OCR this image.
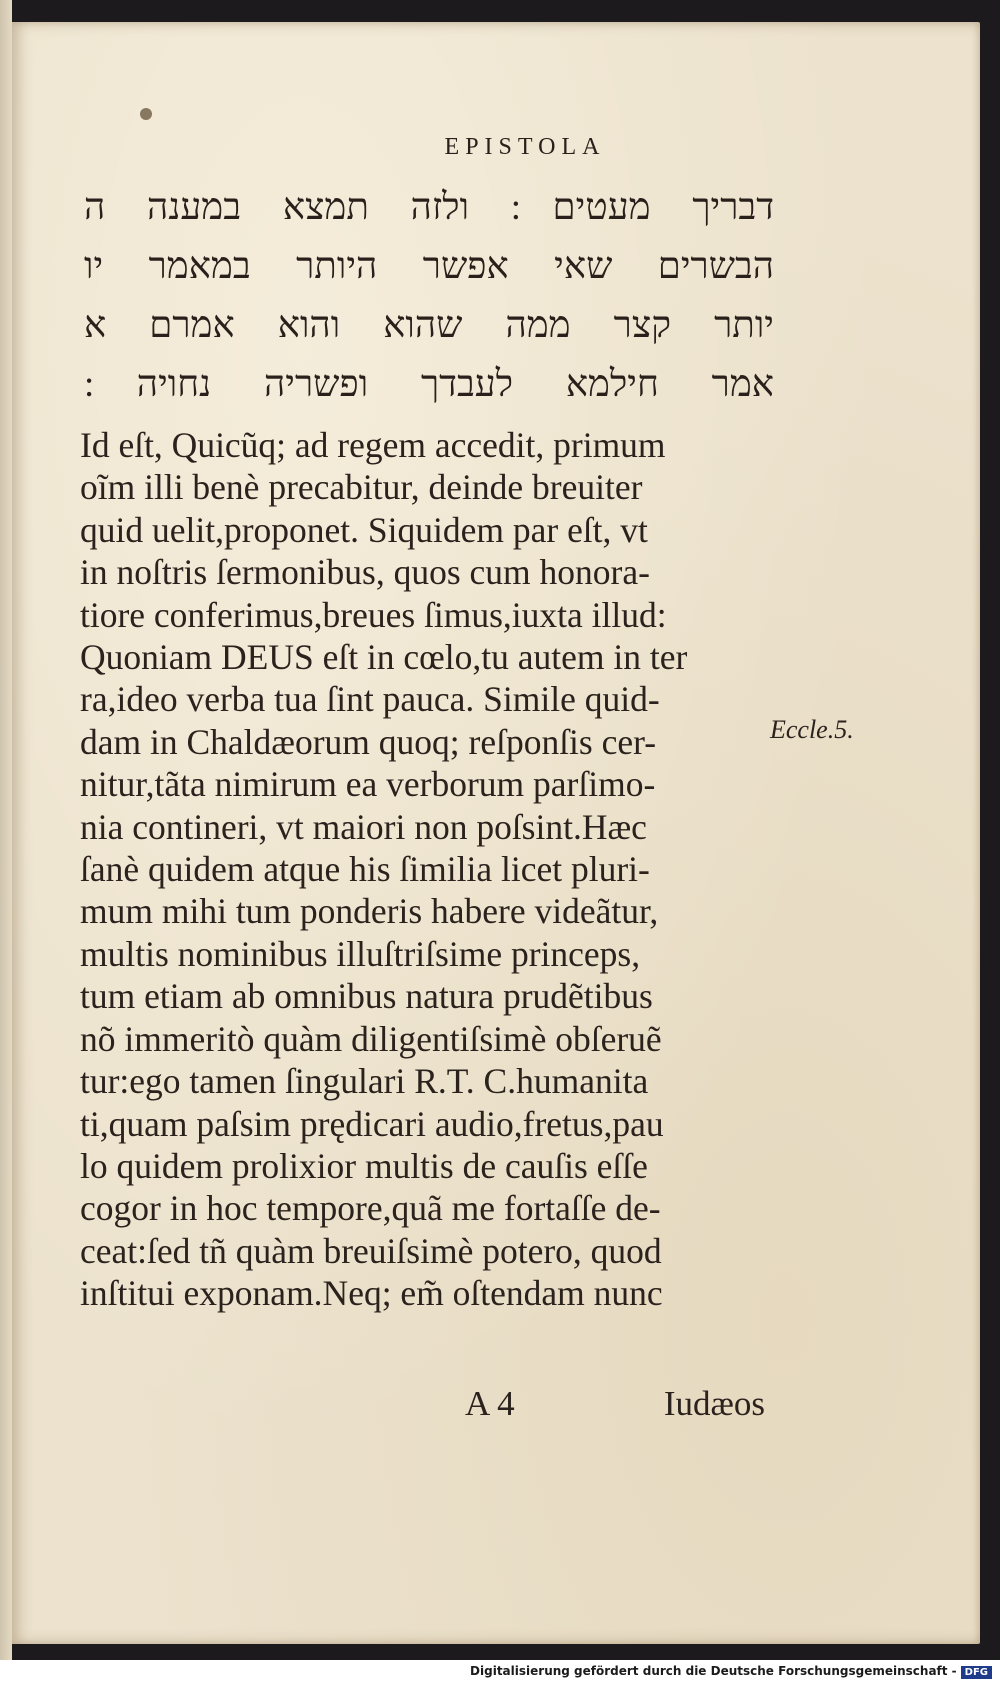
EPISTOLA
דבריך מעטים ׃ ולזה תמצא במענה ה
הבשרים שאי אפשר היותר במאמר יו
יותר קצר ממה שהוא והוא אמרם א
אמר חילמא לעבדך ופשריה נחויה ׃
Id eſt, Quicũq; ad regem accedit, primum
oĩm illi benè precabitur, deinde breuiter
quid uelit,proponet. Siquidem par eſt, vt
in noſtris ſermonibus, quos cum honora-
tiore conferimus,breues ſimus,iuxta illud:
Quoniam DEUS eſt in cœlo,tu autem in ter
ra,ideo verba tua ſint pauca. Simile quid-
dam in Chaldæorum quoq; reſponſis cer-
nitur,tãta nimirum ea verborum parſimo-
nia contineri, vt maiori non poſsint.Hæc
ſanè quidem atque his ſimilia licet pluri-
mum mihi tum ponderis habere videãtur,
multis nominibus illuſtriſsime princeps,
tum etiam ab omnibus natura prudẽtibus
nõ immeritò quàm diligentiſsimè obſeruẽ
tur:ego tamen ſingulari R.T. C.humanita
ti,quam paſsim prędicari audio,fretus,pau
lo quidem prolixior multis de cauſis eſſe
cogor in hoc tempore,quã me fortaſſe de-
ceat:ſed tñ quàm breuiſsimè potero, quod
inſtitui exponam.Neq; em̃ oſtendam nunc
Eccle.5.
A 4	Iudæos
Digitalisierung gefördert durch die Deutsche Forschungsgemeinschaft - DFG
